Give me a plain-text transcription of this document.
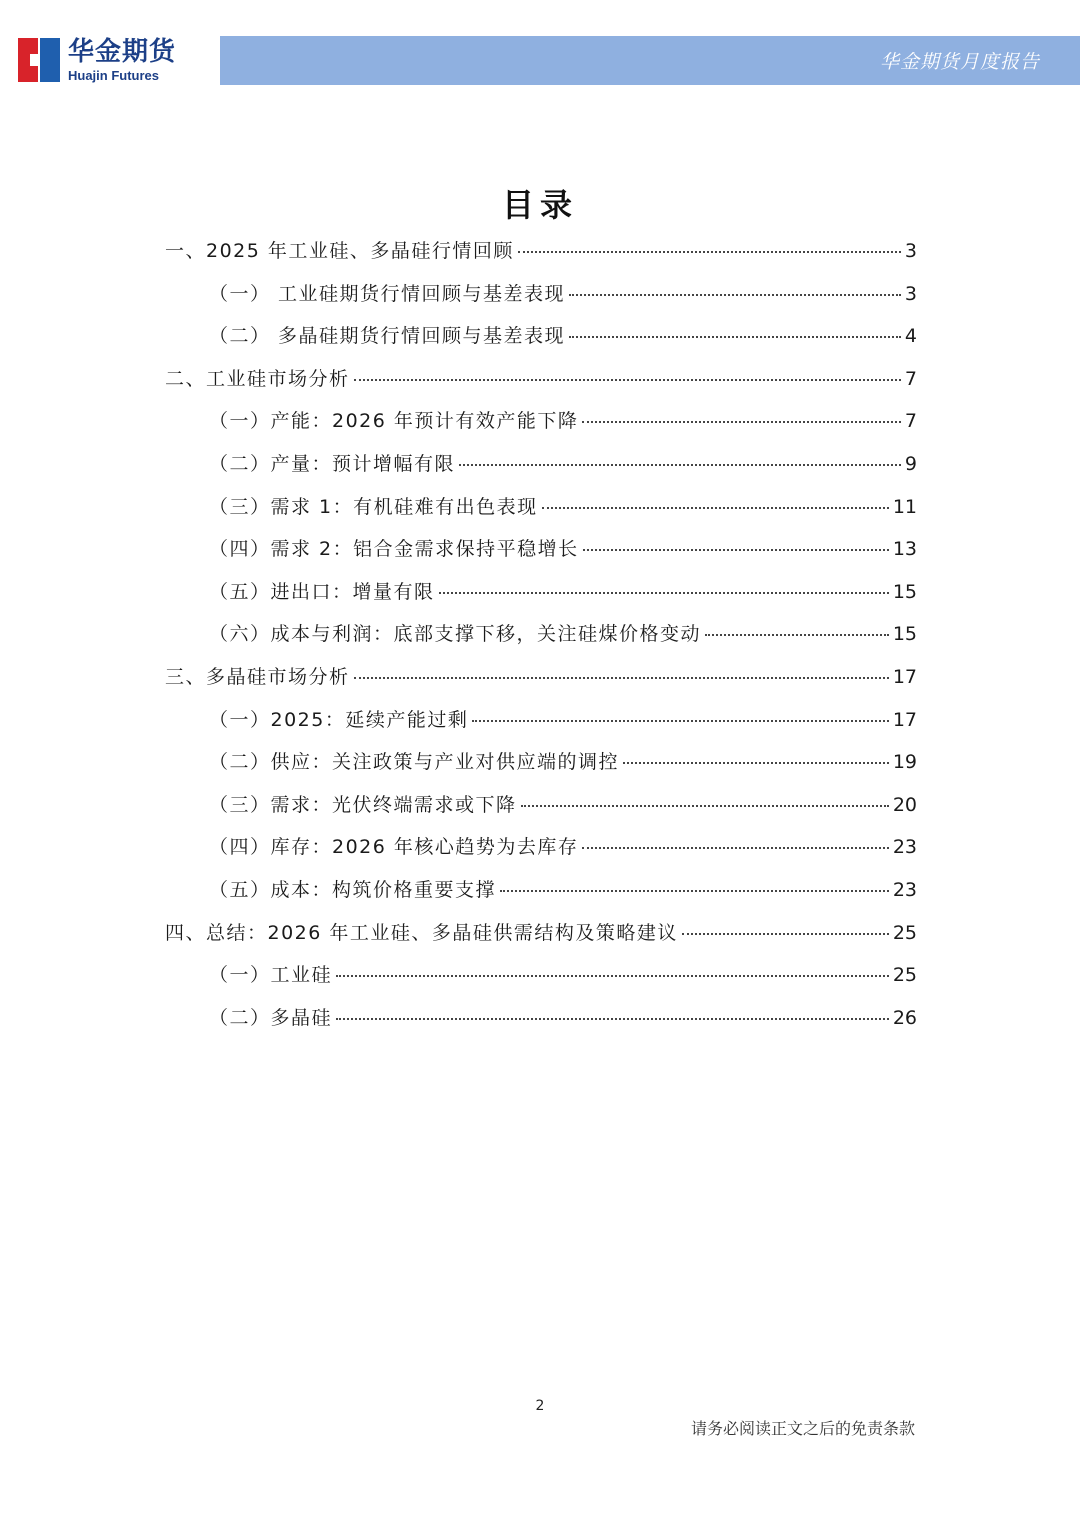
华金期货
Huajin Futures
华金期货月度报告
目录
一、2025 年工业硅、多晶硅行情回顾	3
（一） 工业硅期货行情回顾与基差表现	3
（二） 多晶硅期货行情回顾与基差表现	4
二、工业硅市场分析	7
（一）产能：2026 年预计有效产能下降	7
（二）产量：预计增幅有限	9
（三）需求 1：有机硅难有出色表现	11
（四）需求 2：铝合金需求保持平稳增长	13
（五）进出口：增量有限	15
（六）成本与利润：底部支撑下移，关注硅煤价格变动	15
三、多晶硅市场分析	17
（一）2025：延续产能过剩	17
（二）供应：关注政策与产业对供应端的调控	19
（三）需求：光伏终端需求或下降	20
（四）库存：2026 年核心趋势为去库存	23
（五）成本：构筑价格重要支撑	23
四、总结：2026 年工业硅、多晶硅供需结构及策略建议	25
（一）工业硅	25
（二）多晶硅	26
2
请务必阅读正文之后的免责条款
